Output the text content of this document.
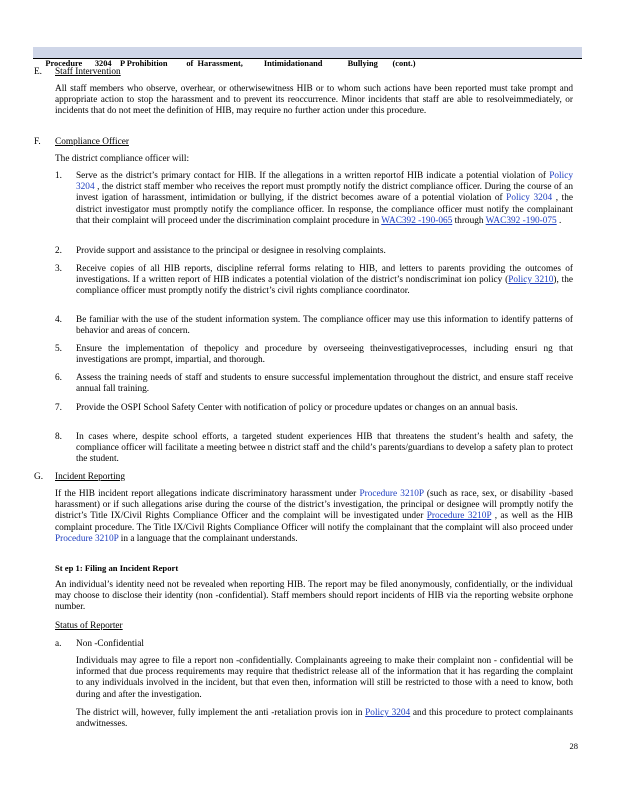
Procedure      3204    P Prohibition         of  Harassment,          Intimidationand            Bullying       (cont.)

E. Staff Intervention

All staff members who observe, overhear, or otherwisewitness HIB or to whom such actions have been reported must take prompt and appropriate action to stop the harassment and to prevent its reoccurrence. Minor incidents that staff are able to resolveimmediately, or incidents that do not meet the definition of HIB, may require no further action under this procedure.

F. Compliance Officer
The district compliance officer will:
1. Serve as the district’s primary contact for HIB. If the allegations in a written reportof HIB indicate a potential violation of Policy 3204 , the district staff member who receives the report must promptly notify the district compliance officer. During the course of an invest igation of harassment, intimidation or bullying, if the district becomes aware of a potential violation of Policy 3204 , the district investigator must promptly notify the compliance officer. In response, the compliance officer must notify the complainant that their complaint will proceed under the discrimination complaint procedure in WAC392 -190-065 through WAC392 -190-075 .

2. Provide support and assistance to the principal or designee in resolving complaints.

3. Receive copies of all HIB reports, discipline referral forms relating to HIB, and letters to parents providing the outcomes of investigations. If a written report of HIB indicates a potential violation of the district’s nondiscriminat ion policy (Policy 3210), the compliance officer must promptly notify the district’s civil rights compliance coordinator.

4. Be familiar with the use of the student information system. The compliance officer may use this information to identify patterns of behavior and areas of concern.

5. Ensure the implementation of thepolicy and procedure by overseeing theinvestigativeprocesses, including ensuri ng that investigations are prompt, impartial, and thorough.

6. Assess the training needs of staff and students to ensure successful implementation throughout the district, and ensure staff receive annual fall training.

7. Provide the OSPI School Safety Center with notification of policy or procedure updates or changes on an annual basis.

8. In cases where, despite school efforts, a targeted student experiences HIB that threatens the student’s health and safety, the compliance officer will facilitate a meeting betwee n district staff and the child’s parents/guardians to develop a safety plan to protect the student.

G. Incident Reporting

If the HIB incident report allegations indicate discriminatory harassment under Procedure 3210P (such as race, sex, or disability -based harassment) or if such allegations arise during the course of the district’s investigation, the principal or designee will promptly notify the district’s Title IX/Civil Rights Compliance Officer and the complaint will be investigated under Procedure 3210P , as well as the HIB complaint procedure. The Title IX/Civil Rights Compliance Officer will notify the complainant that the complaint will also proceed under Procedure 3210P in a language that the complainant understands.

St ep 1: Filing an Incident Report

An individual’s identity need not be revealed when reporting HIB. The report may be filed anonymously, confidentially, or the individual may choose to disclose their identity (non -confidential). Staff members should report incidents of HIB via the reporting website orphone number.

Status of Reporter
a. Non -Confidential

Individuals may agree to file a report non -confidentially. Complainants agreeing to make their complaint non - confidential will be informed that due process requirements may require that thedistrict release all of the information that it has regarding the complaint to any individuals involved in the incident, but that even then, information will still be restricted to those with a need to know, both during and after the investigation.

The district will, however, fully implement the anti -retaliation provis ion in Policy 3204 and this procedure to protect complainants andwitnesses.

28
